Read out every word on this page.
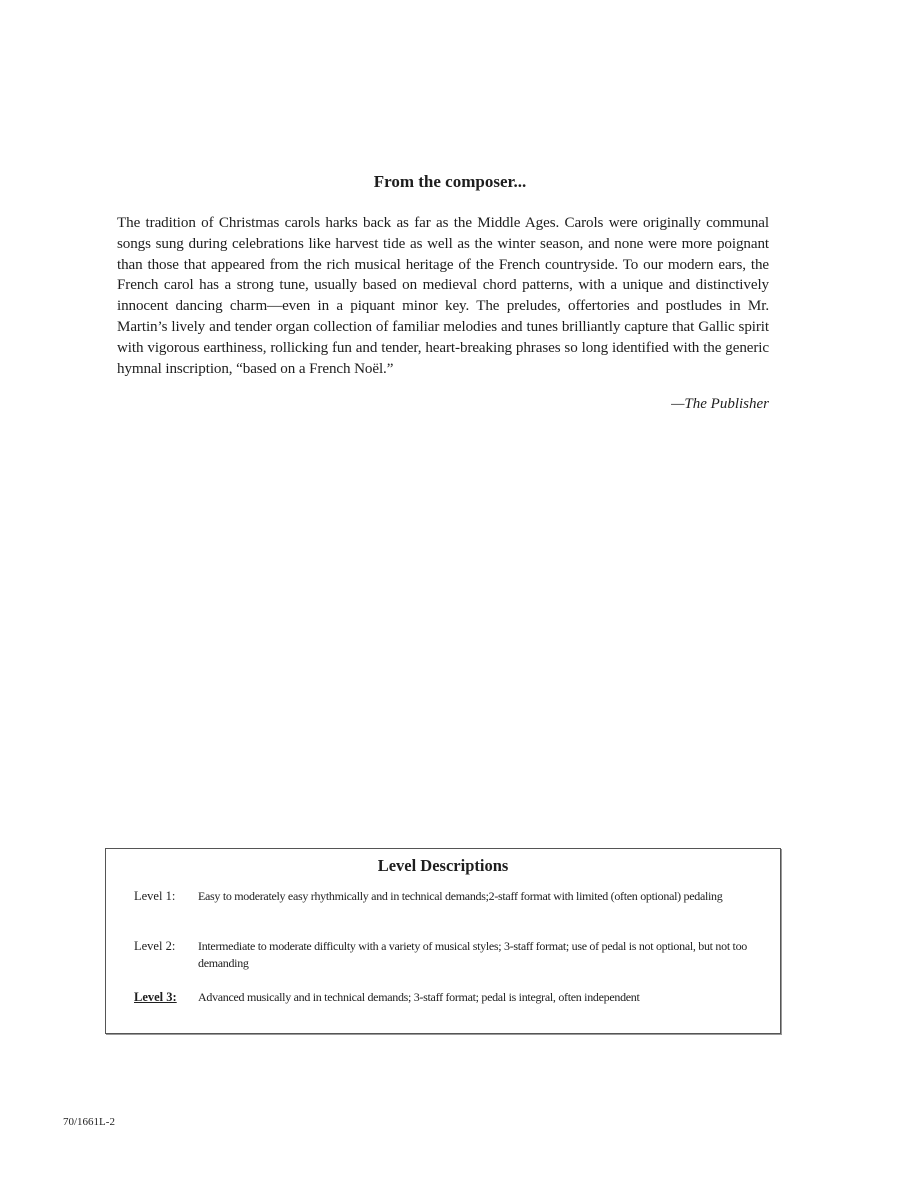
From the composer...

The tradition of Christmas carols harks back as far as the Middle Ages. Carols were originally communal songs sung during celebrations like harvest tide as well as the winter season, and none were more poignant than those that appeared from the rich musical heritage of the French countryside. To our modern ears, the French carol has a strong tune, usually based on medieval chord patterns, with a unique and distinctively innocent dancing charm—even in a piquant minor key. The preludes, offertories and postludes in Mr. Martin’s lively and tender organ collection of familiar melodies and tunes brilliantly capture that Gallic spirit with vigorous earthiness, rollicking fun and tender, heart-breaking phrases so long identified with the generic hymnal inscription, “based on a French Noël.”

—The Publisher

Level Descriptions
Level 1:	Easy to moderately easy rhythmically and in technical demands;2-staff format with limited (often optional) pedaling
Level 2:	Intermediate to moderate difficulty with a variety of musical styles; 3-staff format; use of pedal is not optional, but not too demanding
Level 3:	Advanced musically and in technical demands; 3-staff format; pedal is integral, often independent

70/1661L-2
